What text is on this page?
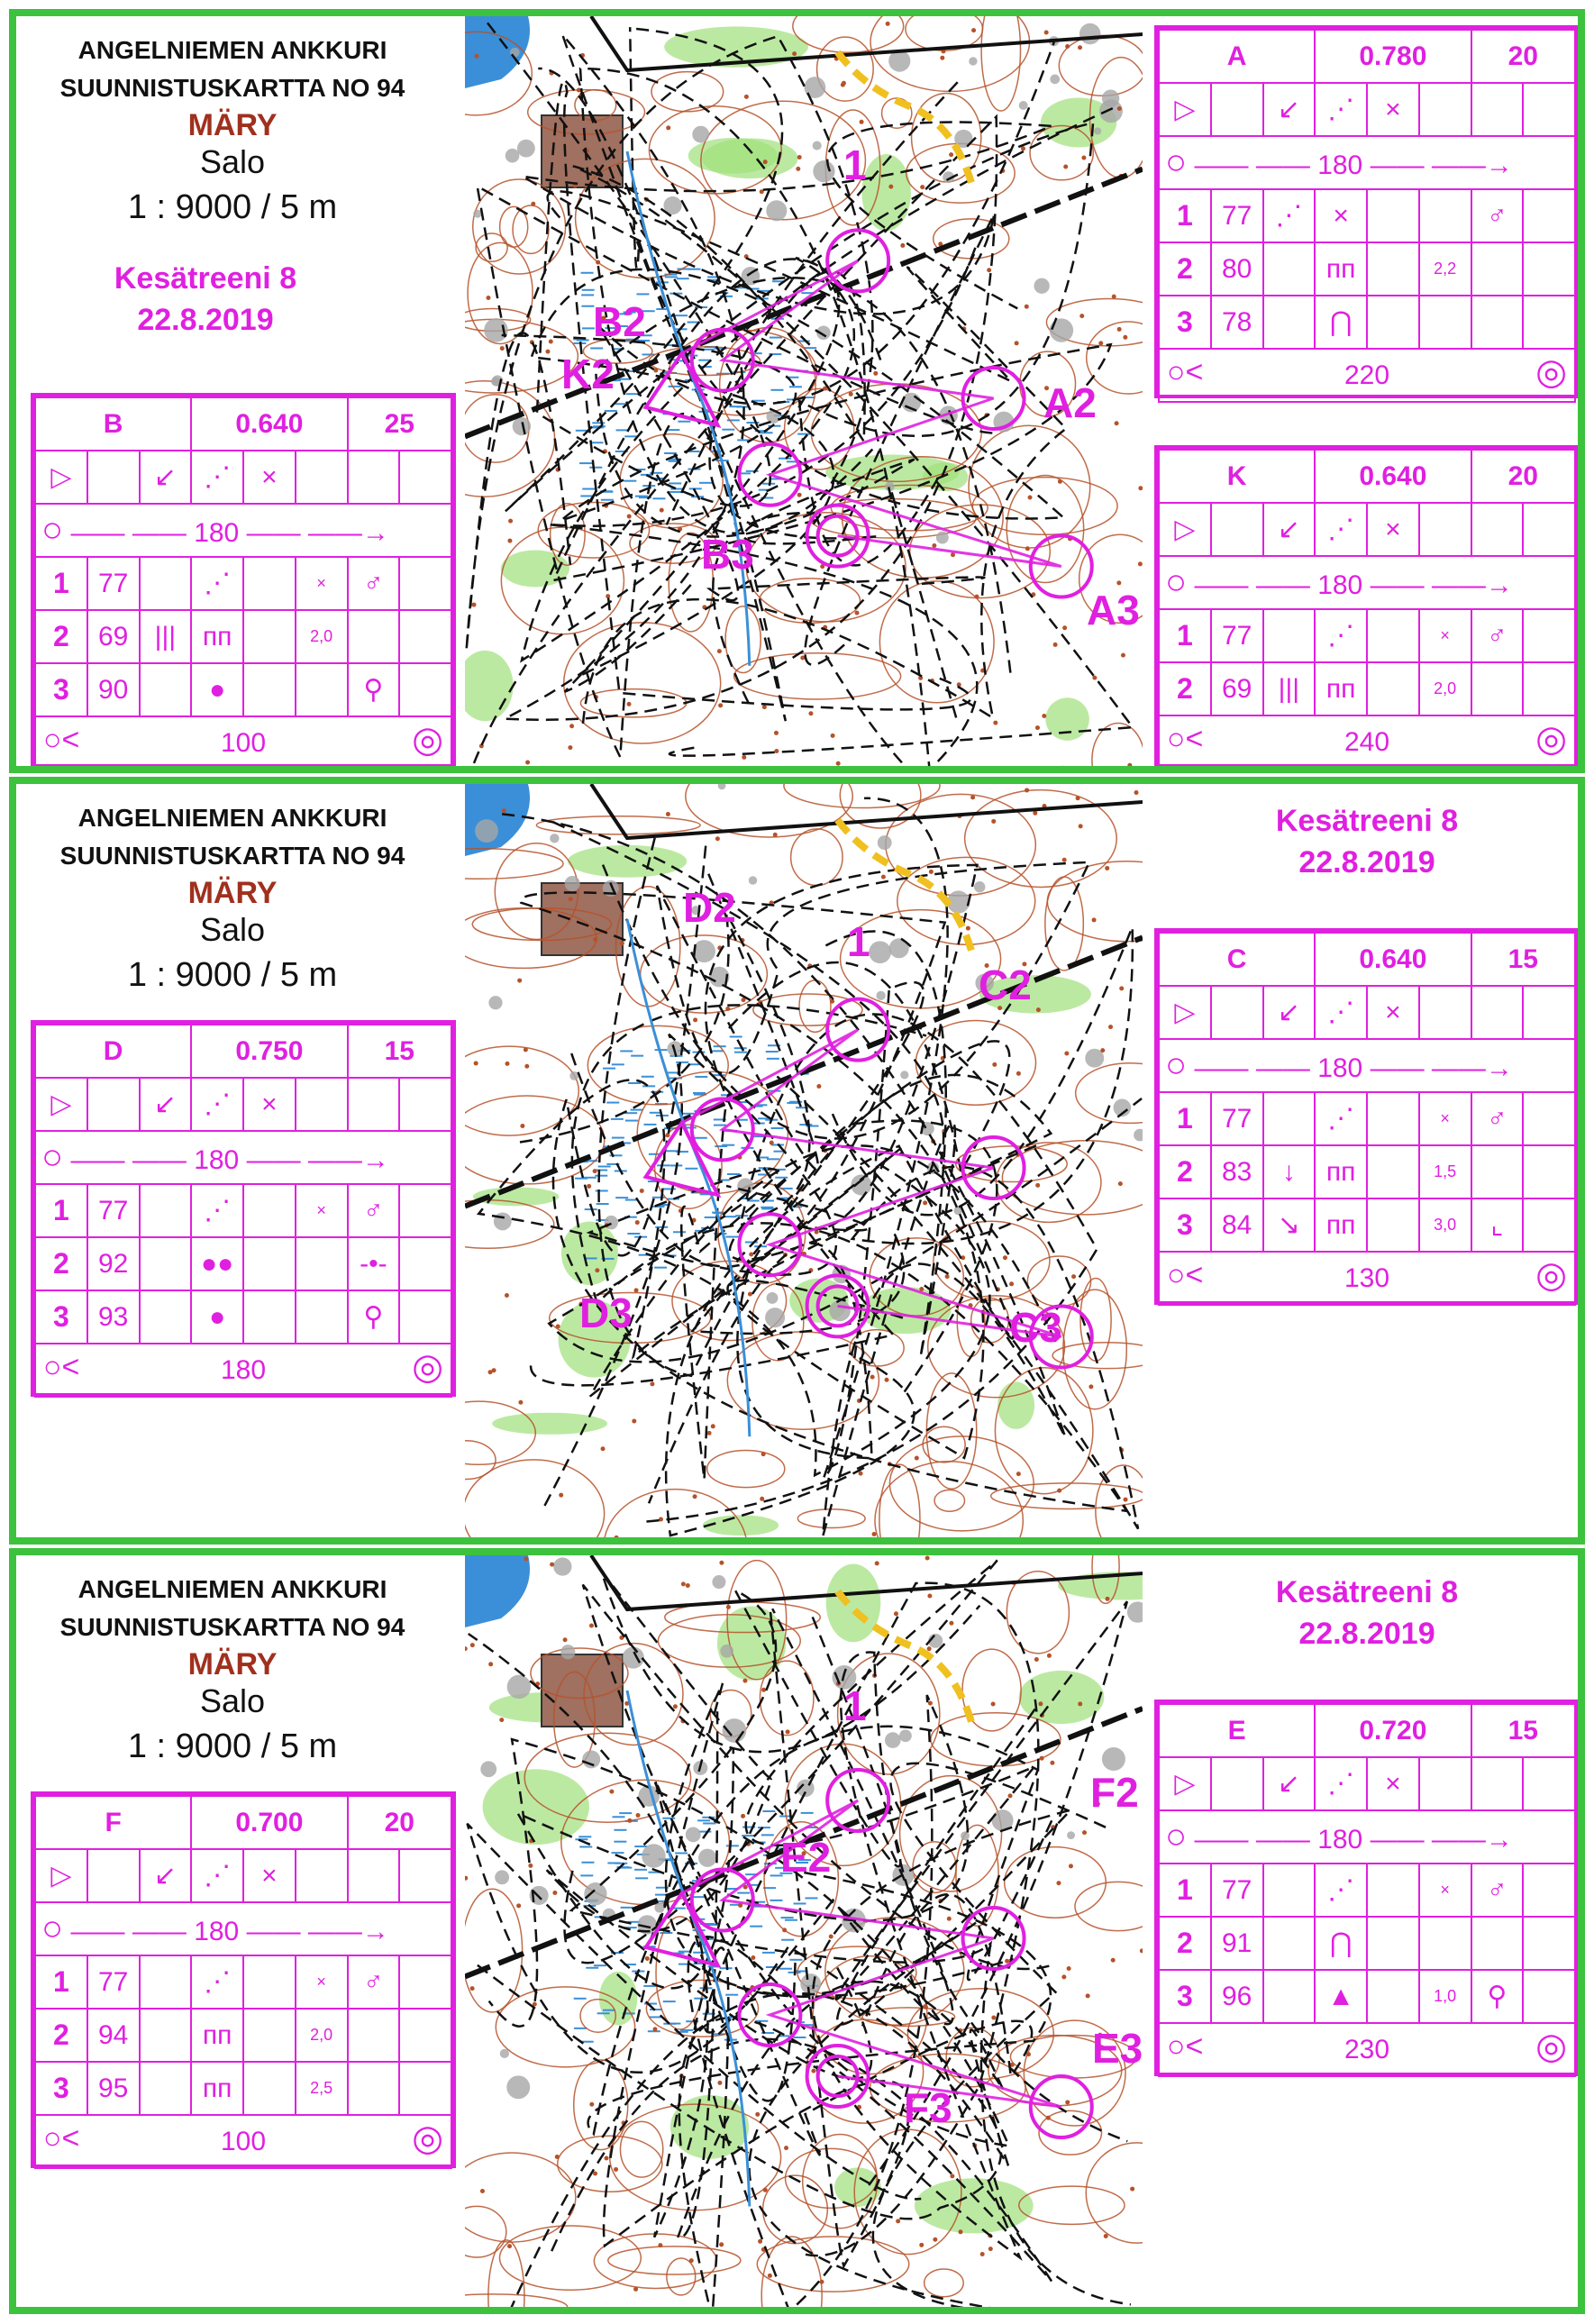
ANGELNIEMEN ANKKURI
SUUNNISTUSKARTTA NO 94
MÄRY
Salo
1 : 9000 / 5 m
Kesätreeni 8
22.8.2019
B			0.640			25	
▷		↙	⋰	×			
○ —— —— 180 —— ——→							
1	77		⋰		×	♂	
2	69	|||	ᴨᴨ		2,0		
3	90		●			⚲	

○< 100 ◎							
A			0.780			20	
▷		↙	⋰	×			
○ —— —— 180 —— ——→							
1	77	⋰	×			♂	
2	80		ᴨᴨ		2,2		
3	78		⋂				

○< 220 ◎							
K			0.640			20	
▷		↙	⋰	×			
○ —— —— 180 —— ——→							
1	77		⋰		×	♂	
2	69	|||	ᴨᴨ		2,0		

○< 240 ◎							
1
B2
K2
A2
B3
A3
ANGELNIEMEN ANKKURI
SUUNNISTUSKARTTA NO 94
MÄRY
Salo
1 : 9000 / 5 m
Kesätreeni 8
22.8.2019
D			0.750			15	
▷		↙	⋰	×			
○ —— —— 180 —— ——→							
1	77		⋰		×	♂	
2	92		●●			-•-	
3	93		●			⚲	

○< 180 ◎							
C			0.640			15	
▷		↙	⋰	×			
○ —— —— 180 —— ——→							
1	77		⋰		×	♂	
2	83	↓	ᴨᴨ		1,5		
3	84	↘	ᴨᴨ		3,0	⌞	

○< 130 ◎							
D2
1
C2
D3	C3
ANGELNIEMEN ANKKURI
SUUNNISTUSKARTTA NO 94
MÄRY
Salo
1 : 9000 / 5 m
Kesätreeni 8
22.8.2019
F			0.700			20	
▷		↙	⋰	×			
○ —— —— 180 —— ——→							
1	77		⋰		×	♂	
2	94		ᴨᴨ		2,0		
3	95		ᴨᴨ		2,5		

○< 100 ◎							
E			0.720			15	
▷		↙	⋰	×			
○ —— —— 180 —— ——→							
1	77		⋰		×	♂	
2	91		⋂				
3	96		▲		1,0	⚲	

○< 230 ◎							
1
F2
E2
E3
F3
